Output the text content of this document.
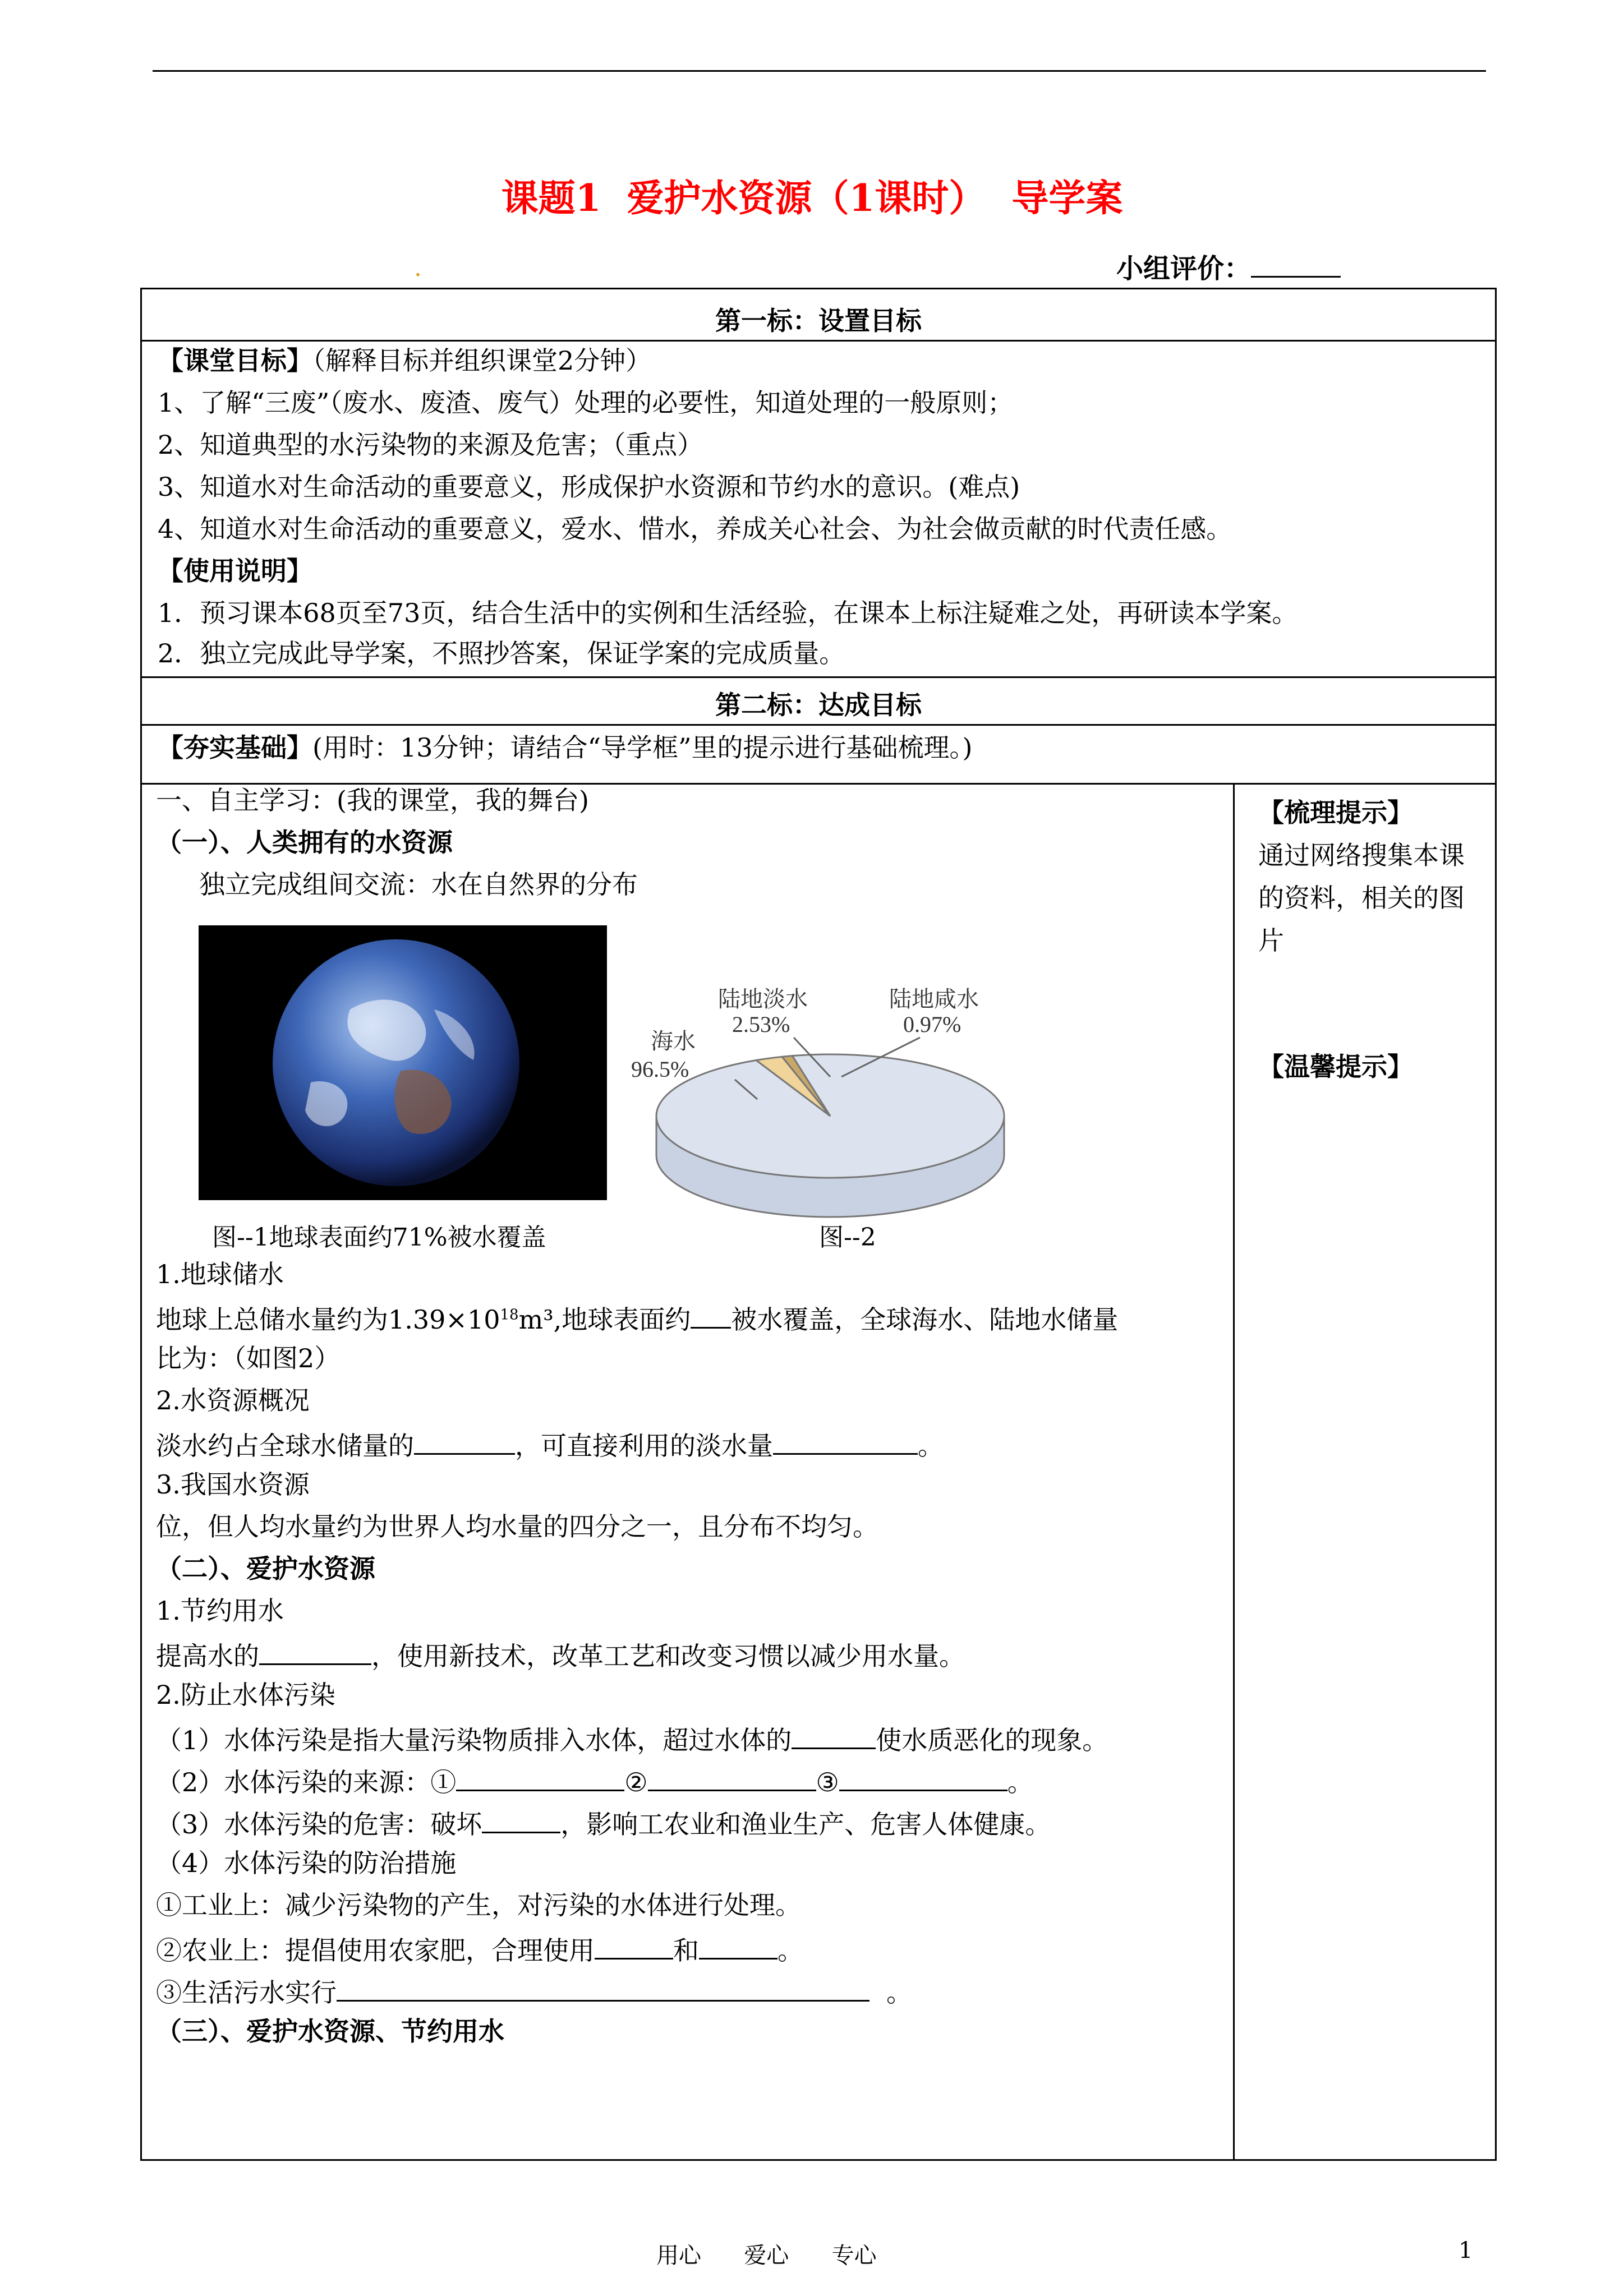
课题1  爱护水资源（1课时）  导学案
.	小组评价：
第一标：设置目标
【课堂目标】（解释目标并组织课堂2分钟）
1、了解“三废”（废水、废渣、废气）处理的必要性，知道处理的一般原则；
2、知道典型的水污染物的来源及危害；（重点）
3、知道水对生命活动的重要意义，形成保护水资源和节约水的意识。(难点)
4、知道水对生命活动的重要意义，爱水、惜水，养成关心社会、为社会做贡献的时代责任感。
【使用说明】
1．预习课本68页至73页，结合生活中的实例和生活经验，在课本上标注疑难之处，再研读本学案。
2．独立完成此导学案，不照抄答案，保证学案的完成质量。
第二标：达成目标
【夯实基础】(用时：13分钟；请结合“导学框”里的提示进行基础梳理。)
【梳理提示】
通过网络搜集本课的资料，相关的图片
【温馨提示】
一、自主学习：(我的课堂，我的舞台)
（一）、人类拥有的水资源
独立完成组间交流：水在自然界的分布
海水
96.5%
陆地淡水
2.53%
陆地咸水
0.97%
图--1地球表面约71%被水覆盖	图--2
1.地球储水
地球上总储水量约为$1.39\times 10^{18}m^3$,地球表面约 被水覆盖，全球海水、陆地水储量
比为：（如图2）
2.水资源概况
淡水约占全球水储量的	，可直接利用的淡水量	。
3.我国水资源
位，但人均水量约为世界人均水量的四分之一，且分布不均匀。
（二）、爱护水资源
1.节约用水
提高水的	，使用新技术，改革工艺和改变习惯以减少用水量。
2.防止水体污染
（1）水体污染是指大量污染物质排入水体，超过水体的	使水质恶化的现象。
（2）水体污染的来源：①	②	③	。
（3）水体污染的危害：破坏	，影响工农业和渔业生产、危害人体健康。
（4）水体污染的防治措施
①工业上：减少污染物的产生，对污染的水体进行处理。
②农业上：提倡使用农家肥，合理使用	和	。
③生活污水实行	。
（三）、爱护水资源、节约用水
用心      爱心      专心	1
